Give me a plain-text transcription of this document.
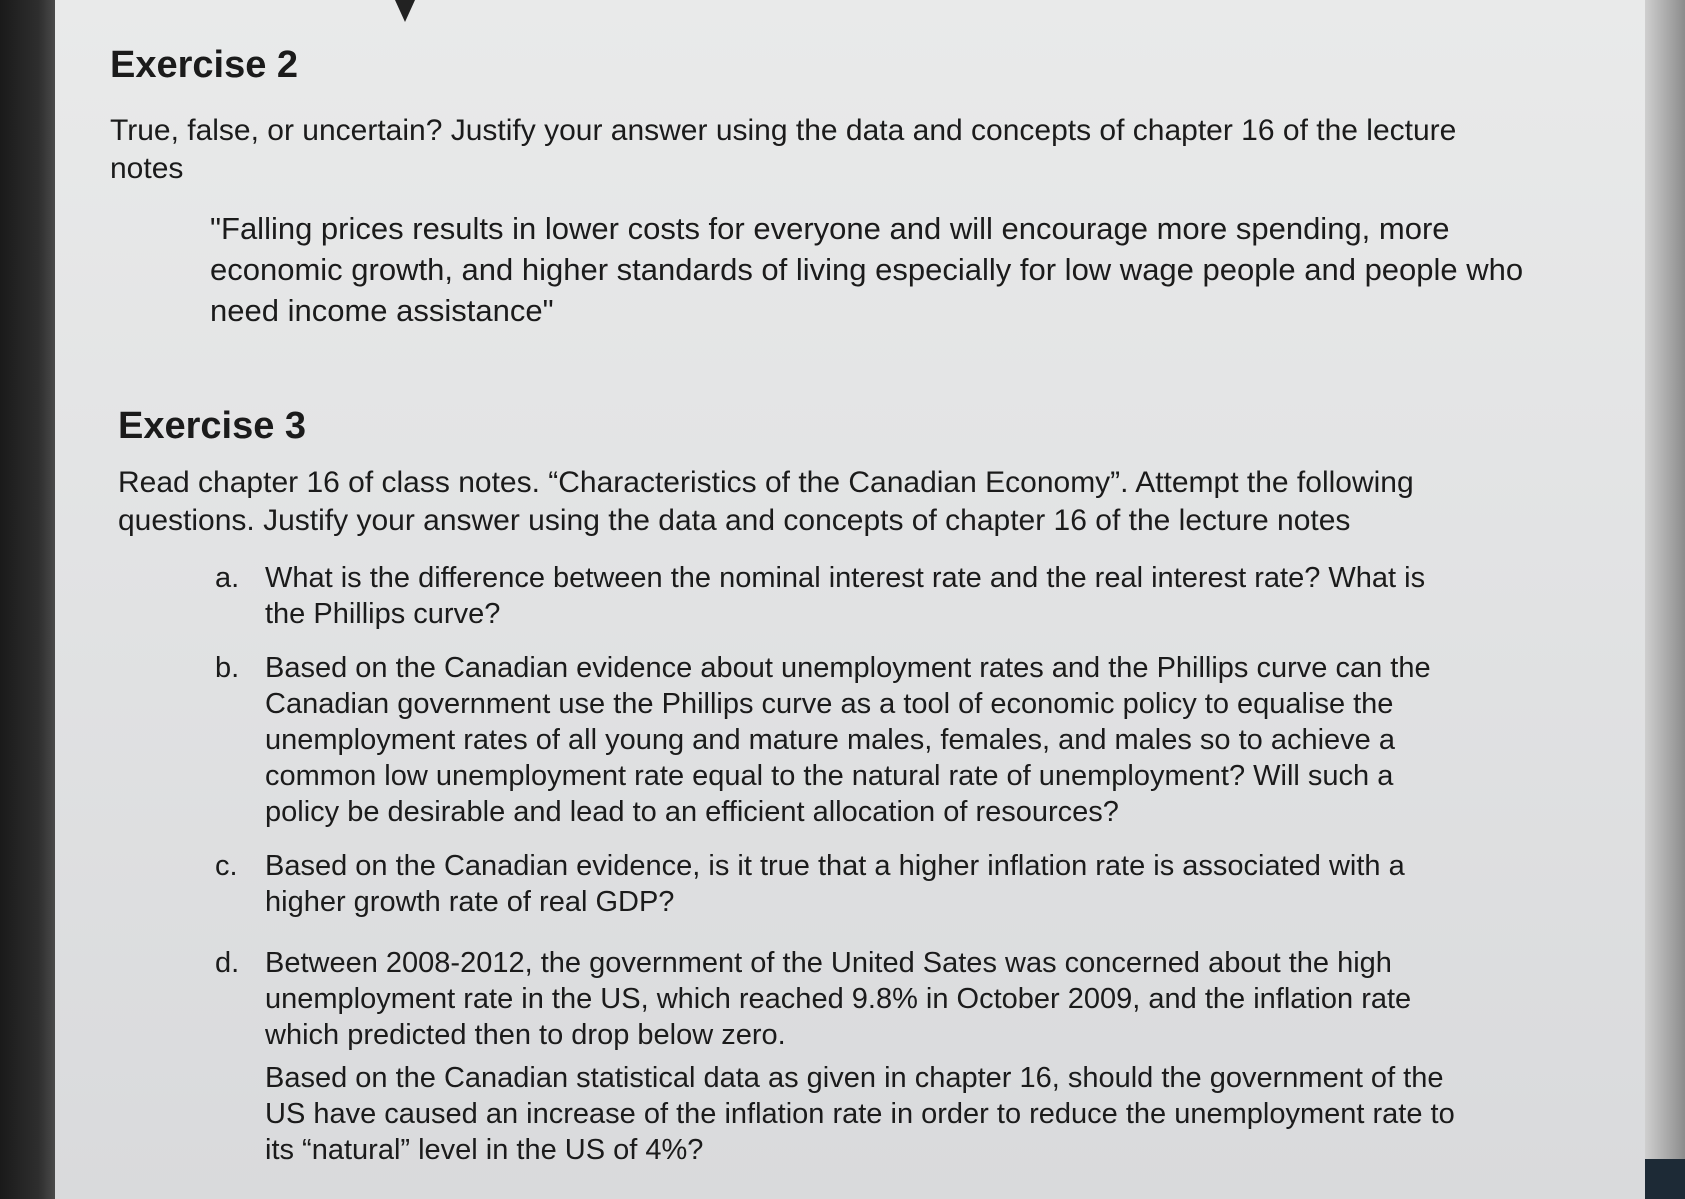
Exercise 2

True, false, or uncertain? Justify your answer using the data and concepts of chapter 16 of the lecture notes

"Falling prices results in lower costs for everyone and will encourage more spending, more economic growth, and higher standards of living especially for low wage people and people who need income assistance"

Exercise 3

Read chapter 16 of class notes. “Characteristics of the Canadian Economy”. Attempt the following questions. Justify your answer using the data and concepts of chapter 16 of the lecture notes

a. What is the difference between the nominal interest rate and the real interest rate? What is the Phillips curve?
b. Based on the Canadian evidence about unemployment rates and the Phillips curve can the Canadian government use the Phillips curve as a tool of economic policy to equalise the unemployment rates of all young and mature males, females, and males so to achieve a common low unemployment rate equal to the natural rate of unemployment? Will such a policy be desirable and lead to an efficient allocation of resources?
c. Based on the Canadian evidence, is it true that a higher inflation rate is associated with a higher growth rate of real GDP?
d. Between 2008-2012, the government of the United Sates was concerned about the high unemployment rate in the US, which reached 9.8% in October 2009, and the inflation rate which predicted then to drop below zero.

Based on the Canadian statistical data as given in chapter 16, should the government of the US have caused an increase of the inflation rate in order to reduce the unemployment rate to its “natural” level in the US of 4%?
